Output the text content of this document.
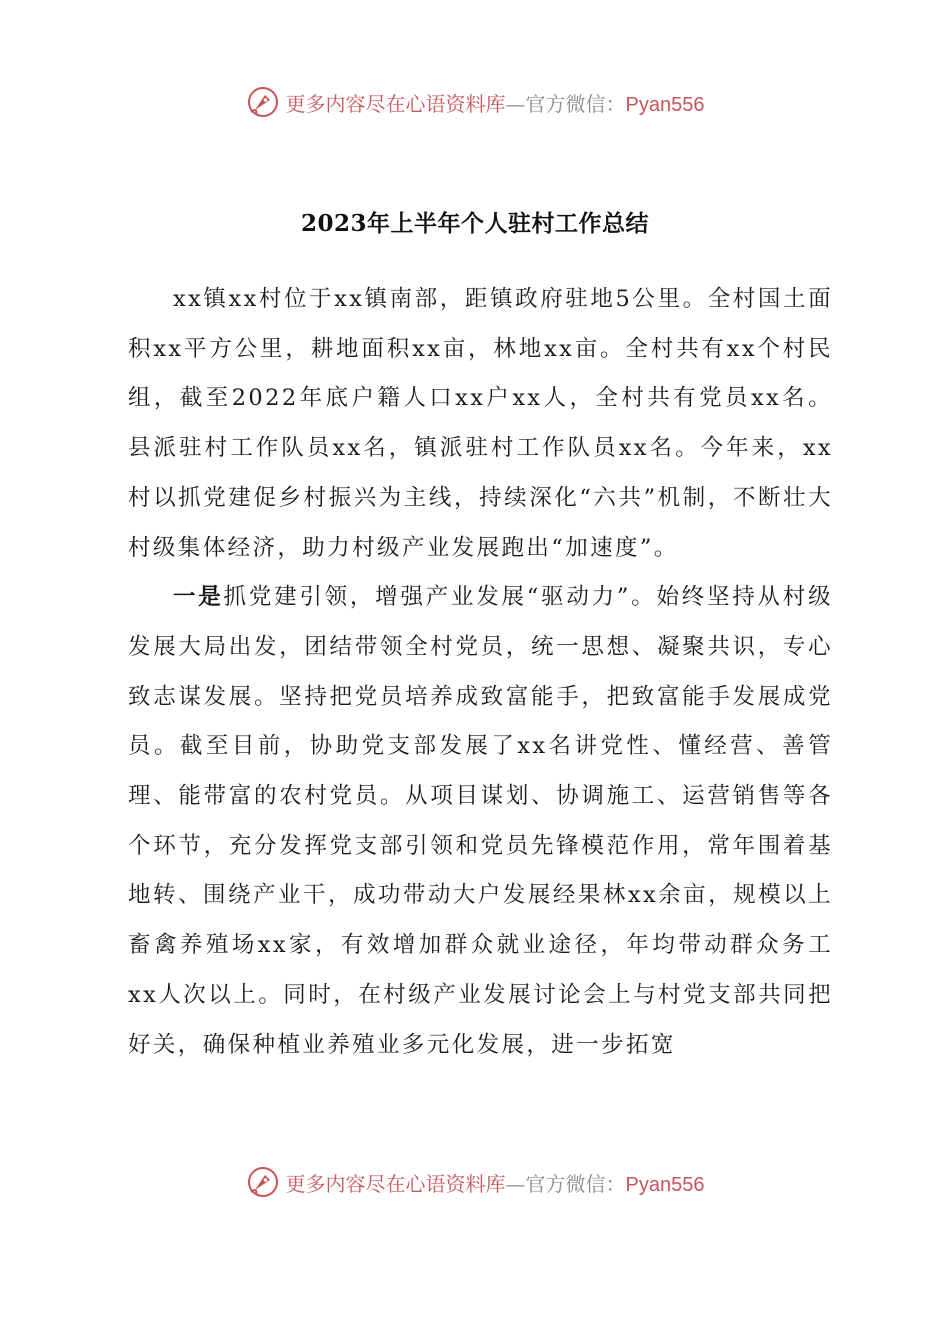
更多内容尽在心语资料库—官方微信：Pyan556
2023年上半年个人驻村工作总结

xx镇xx村位于xx镇南部，距镇政府驻地5公里。全村国土面积xx平方公里，耕地面积xx亩，林地xx亩。全村共有xx个村民组，截至2022年底户籍人口xx户xx人，全村共有党员xx名。县派驻村工作队员xx名，镇派驻村工作队员xx名。今年来，xx村以抓党建促乡村振兴为主线，持续深化“六共”机制，不断壮大村级集体经济，助力村级产业发展跑出“加速度”。

一是抓党建引领，增强产业发展“驱动力”。始终坚持从村级发展大局出发，团结带领全村党员，统一思想、凝聚共识，专心致志谋发展。坚持把党员培养成致富能手，把致富能手发展成党员。截至目前，协助党支部发展了xx名讲党性、懂经营、善管理、能带富的农村党员。从项目谋划、协调施工、运营销售等各个环节，充分发挥党支部引领和党员先锋模范作用，常年围着基地转、围绕产业干，成功带动大户发展经果林xx余亩，规模以上畜禽养殖场xx家，有效增加群众就业途径，年均带动群众务工xx人次以上。同时，在村级产业发展讨论会上与村党支部共同把好关，确保种植业养殖业多元化发展，进一步拓宽

更多内容尽在心语资料库—官方微信：Pyan556
